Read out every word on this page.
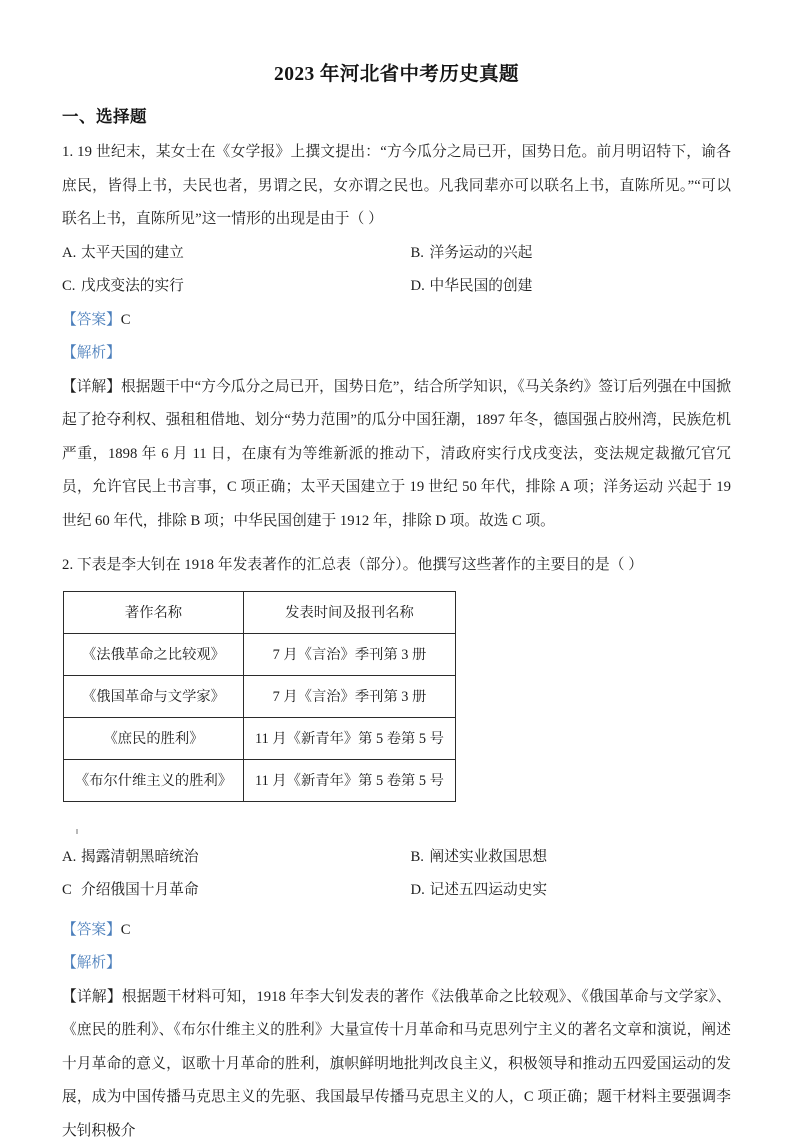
2023 年河北省中考历史真题
一、选择题

1. 19 世纪末，某女士在《女学报》上撰文提出：“方今瓜分之局已开，国势日危。前月明诏特下，谕各庶民，皆得上书，夫民也者，男谓之民，女亦谓之民也。凡我同辈亦可以联名上书，直陈所见。”“可以联名上书，直陈所见”这一情形的出现是由于（ ）

A. 太平天国的建立	B. 洋务运动的兴起
C. 戊戌变法的实行	D. 中华民国的创建

【答案】C

【解析】

【详解】根据题干中“方今瓜分之局已开，国势日危”，结合所学知识，《马关条约》签订后列强在中国掀起了抢夺利权、强租租借地、划分“势力范围”的瓜分中国狂潮，1897 年冬，德国强占胶州湾，民族危机严重，1898 年 6 月 11 日，在康有为等维新派的推动下，清政府实行戊戌变法，变法规定裁撤冗官冗员，允许官民上书言事，C 项正确；太平天国建立于 19 世纪 50 年代，排除 A 项；洋务运动 兴起于 19 世纪 60 年代，排除 B 项；中华民国创建于 1912 年，排除 D 项。故选 C 项。

2. 下表是李大钊在 1918 年发表著作的汇总表（部分）。他撰写这些著作的主要目的是（ ）

著作名称	发表时间及报刊名称
《法俄革命之比较观》	7 月《言治》季刊第 3 册
《俄国革命与文学家》	7 月《言治》季刊第 3 册
《庶民的胜利》	11 月《新青年》第 5 卷第 5 号
《布尔什维主义的胜利》	11 月《新青年》第 5 卷第 5 号
A. 揭露清朝黑暗统治	B. 阐述实业救国思想
C 介绍俄国十月革命	D. 记述五四运动史实

【答案】C

【解析】

【详解】根据题干材料可知，1918 年李大钊发表的著作《法俄革命之比较观》、《俄国革命与文学家》、《庶民的胜利》、《布尔什维主义的胜利》大量宣传十月革命和马克思列宁主义的著名文章和演说，阐述十月革命的意义，讴歌十月革命的胜利，旗帜鲜明地批判改良主义，积极领导和推动五四爱国运动的发展，成为中国传播马克思主义的先驱、我国最早传播马克思主义的人，C 项正确；题干材料主要强调李大钊积极介
